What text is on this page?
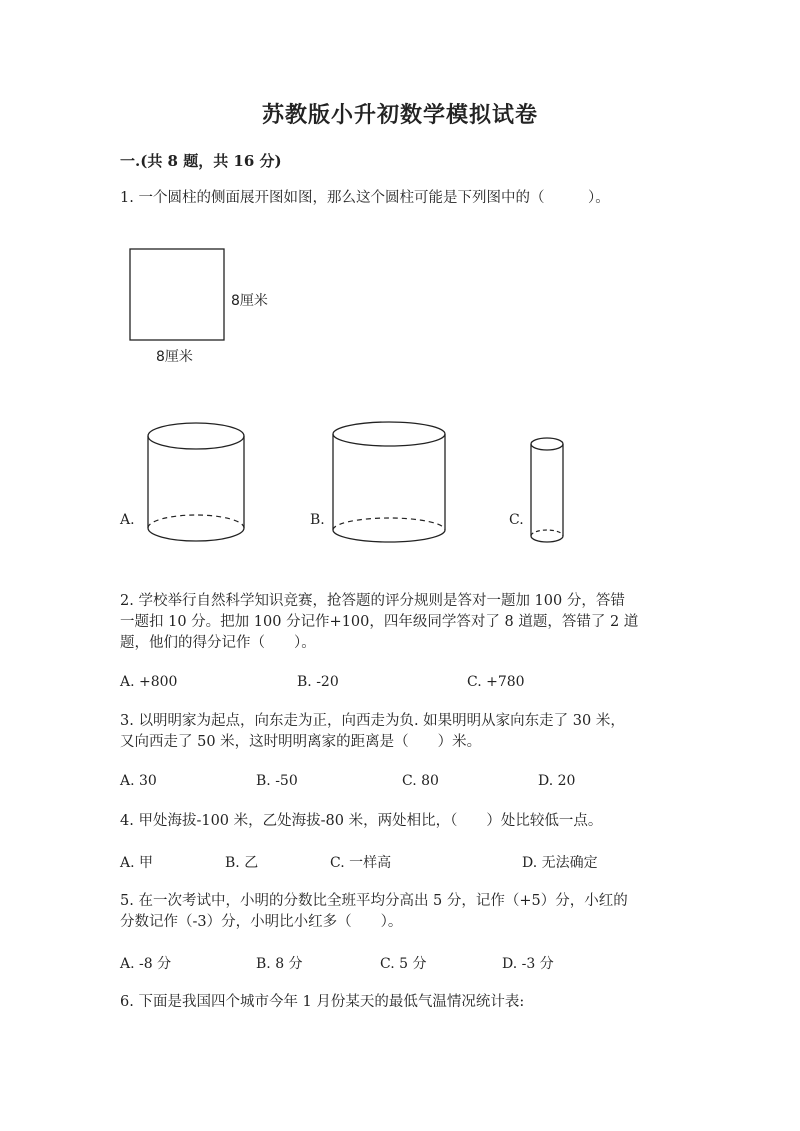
苏教版小升初数学模拟试卷
一.(共 8 题，共 16 分)
1. 一个圆柱的侧面展开图如图，那么这个圆柱可能是下列图中的（　　　）。
8厘米
8厘米
A.	B.	C.
2. 学校举行自然科学知识竞赛，抢答题的评分规则是答对一题加 100 分，答错
一题扣 10 分。把加 100 分记作+100，四年级同学答对了 8 道题，答错了 2 道
题，他们的得分记作（　　）。
A. +800	B. -20	C. +780
3. 以明明家为起点，向东走为正，向西走为负. 如果明明从家向东走了 30 米，
又向西走了 50 米，这时明明离家的距离是（　　）米。
A. 30	B. -50	C. 80	D. 20
4. 甲处海拔-100 米，乙处海拔-80 米，两处相比，（　　）处比较低一点。
A. 甲	B. 乙	C. 一样高	D. 无法确定
5. 在一次考试中，小明的分数比全班平均分高出 5 分，记作（+5）分，小红的
分数记作（-3）分，小明比小红多（　　）。
A. -8 分	B. 8 分	C. 5 分	D. -3 分
6. 下面是我国四个城市今年 1 月份某天的最低气温情况统计表:
